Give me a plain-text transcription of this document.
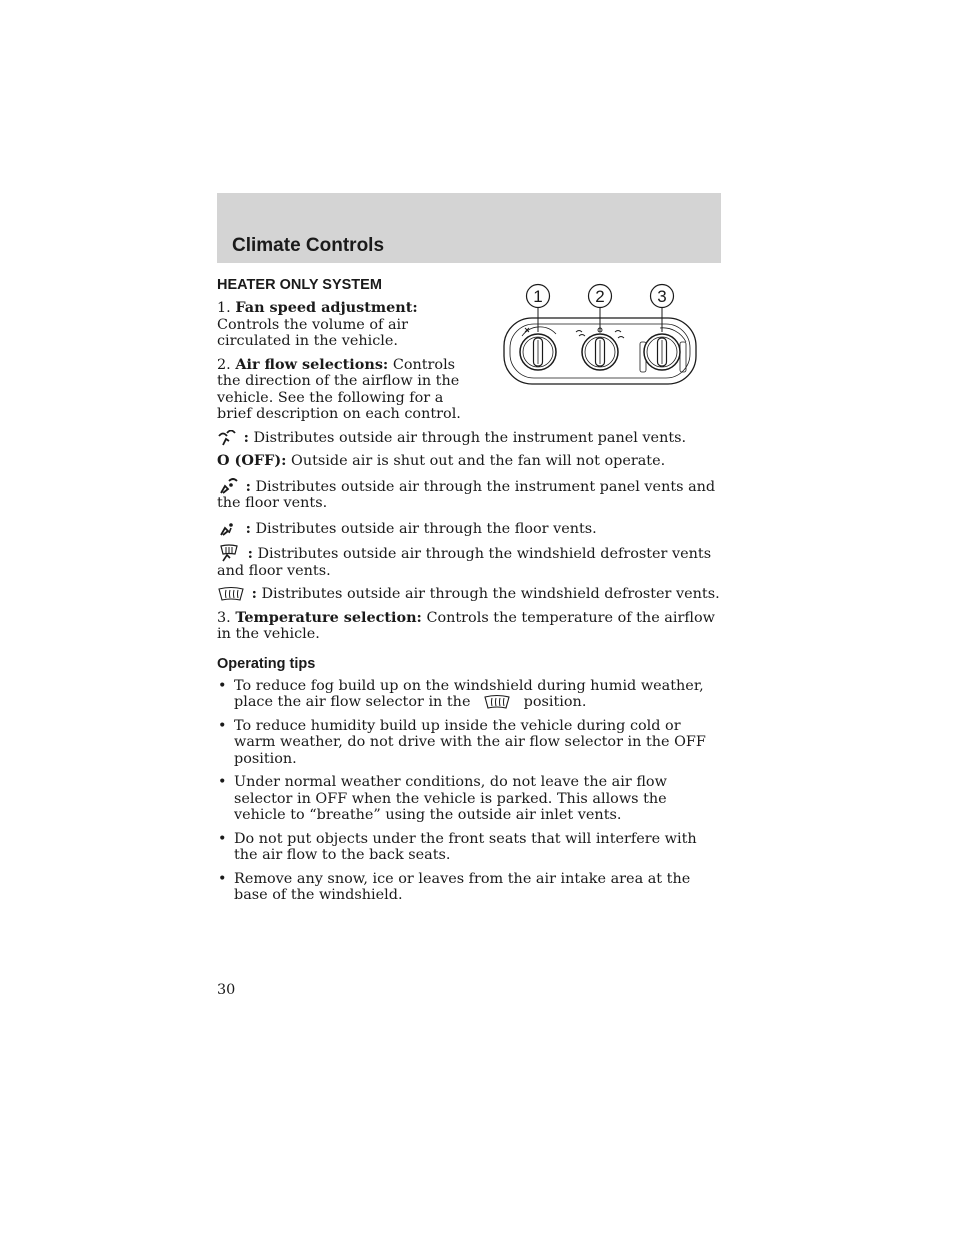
Climate Controls
1	2	3
HEATER ONLY SYSTEM

1. Fan speed adjustment: Controls the volume of air circulated in the vehicle.

2. Air flow selections: Controls the direction of the airflow in the vehicle. See the following for a brief description on each control.

: Distributes outside air through the instrument panel vents.

O (OFF): Outside air is shut out and the fan will not operate.

: Distributes outside air through the instrument panel vents and the floor vents.

: Distributes outside air through the floor vents.

: Distributes outside air through the windshield defroster vents and floor vents.

: Distributes outside air through the windshield defroster vents.

3. Temperature selection: Controls the temperature of the airflow in the vehicle.

Operating tips
• To reduce fog build up on the windshield during humid weather, place the air flow selector in the	position.
• To reduce humidity build up inside the vehicle during cold or warm weather, do not drive with the air flow selector in the OFF position.
• Under normal weather conditions, do not leave the air flow selector in OFF when the vehicle is parked. This allows the vehicle to “breathe” using the outside air inlet vents.
• Do not put objects under the front seats that will interfere with the air flow to the back seats.
• Remove any snow, ice or leaves from the air intake area at the base of the windshield.
30
